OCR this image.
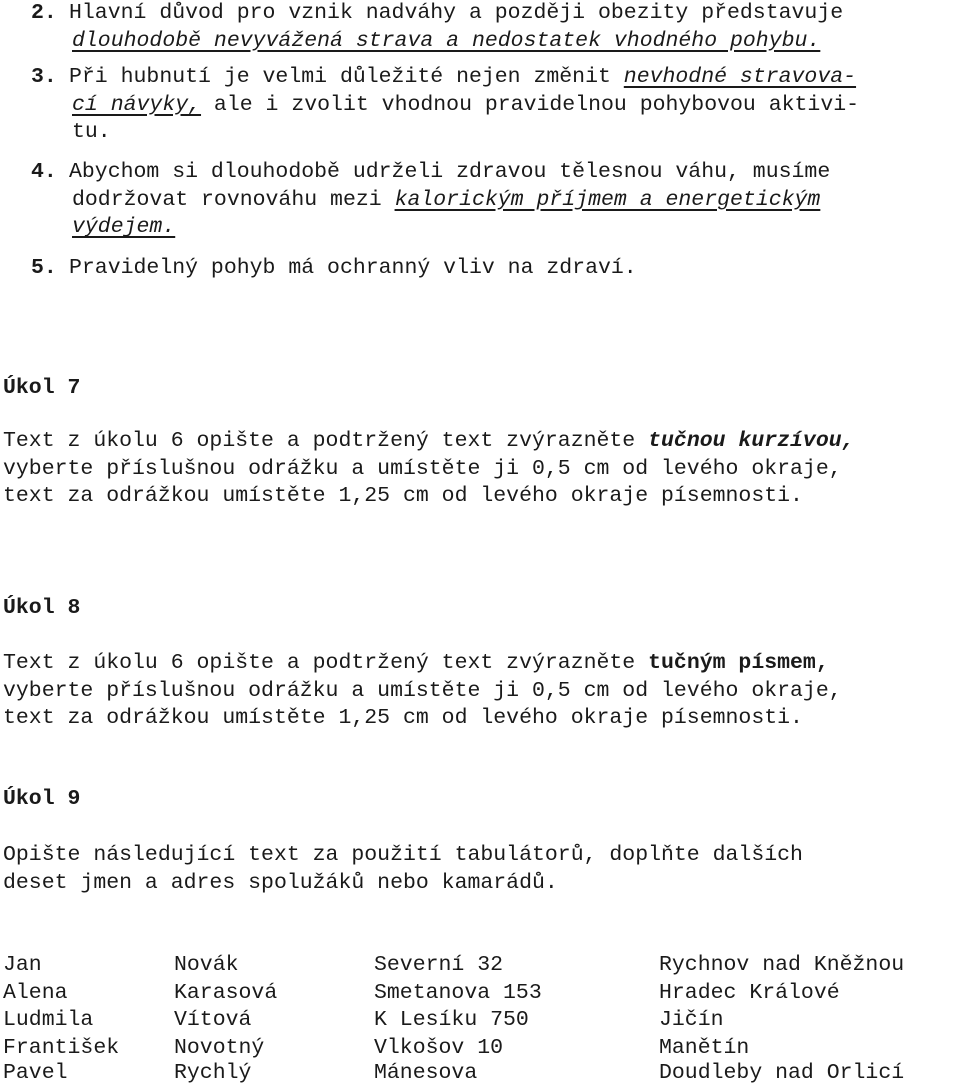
2. Hlavní důvod pro vznik nadváhy a později obezity představuje
dlouhodobě nevyvážená strava a nedostatek vhodného pohybu.
3. Při hubnutí je velmi důležité nejen změnit nevhodné stravova-
cí návyky, ale i zvolit vhodnou pravidelnou pohybovou aktivi-
tu.
4. Abychom si dlouhodobě udrželi zdravou tělesnou váhu, musíme
dodržovat rovnováhu mezi kalorickým příjmem a energetickým
výdejem.
5. Pravidelný pohyb má ochranný vliv na zdraví.
Úkol 7
Text z úkolu 6 opište a podtržený text zvýrazněte tučnou kurzívou,
vyberte příslušnou odrážku a umístěte ji 0,5 cm od levého okraje,
text za odrážkou umístěte 1,25 cm od levého okraje písemnosti.
Úkol 8
Text z úkolu 6 opište a podtržený text zvýrazněte tučným písmem,
vyberte příslušnou odrážku a umístěte ji 0,5 cm od levého okraje,
text za odrážkou umístěte 1,25 cm od levého okraje písemnosti.
Úkol 9
Opište následující text za použití tabulátorů, doplňte dalších
deset jmen a adres spolužáků nebo kamarádů.
Jan	Novák	Severní 32	Rychnov nad Kněžnou
Alena	Karasová	Smetanova 153	Hradec Králové
Ludmila	Vítová	K Lesíku 750	Jičín
František	Novotný	Vlkošov 10	Manětín
Pavel	Rychlý	Mánesova	Doudleby nad Orlicí
